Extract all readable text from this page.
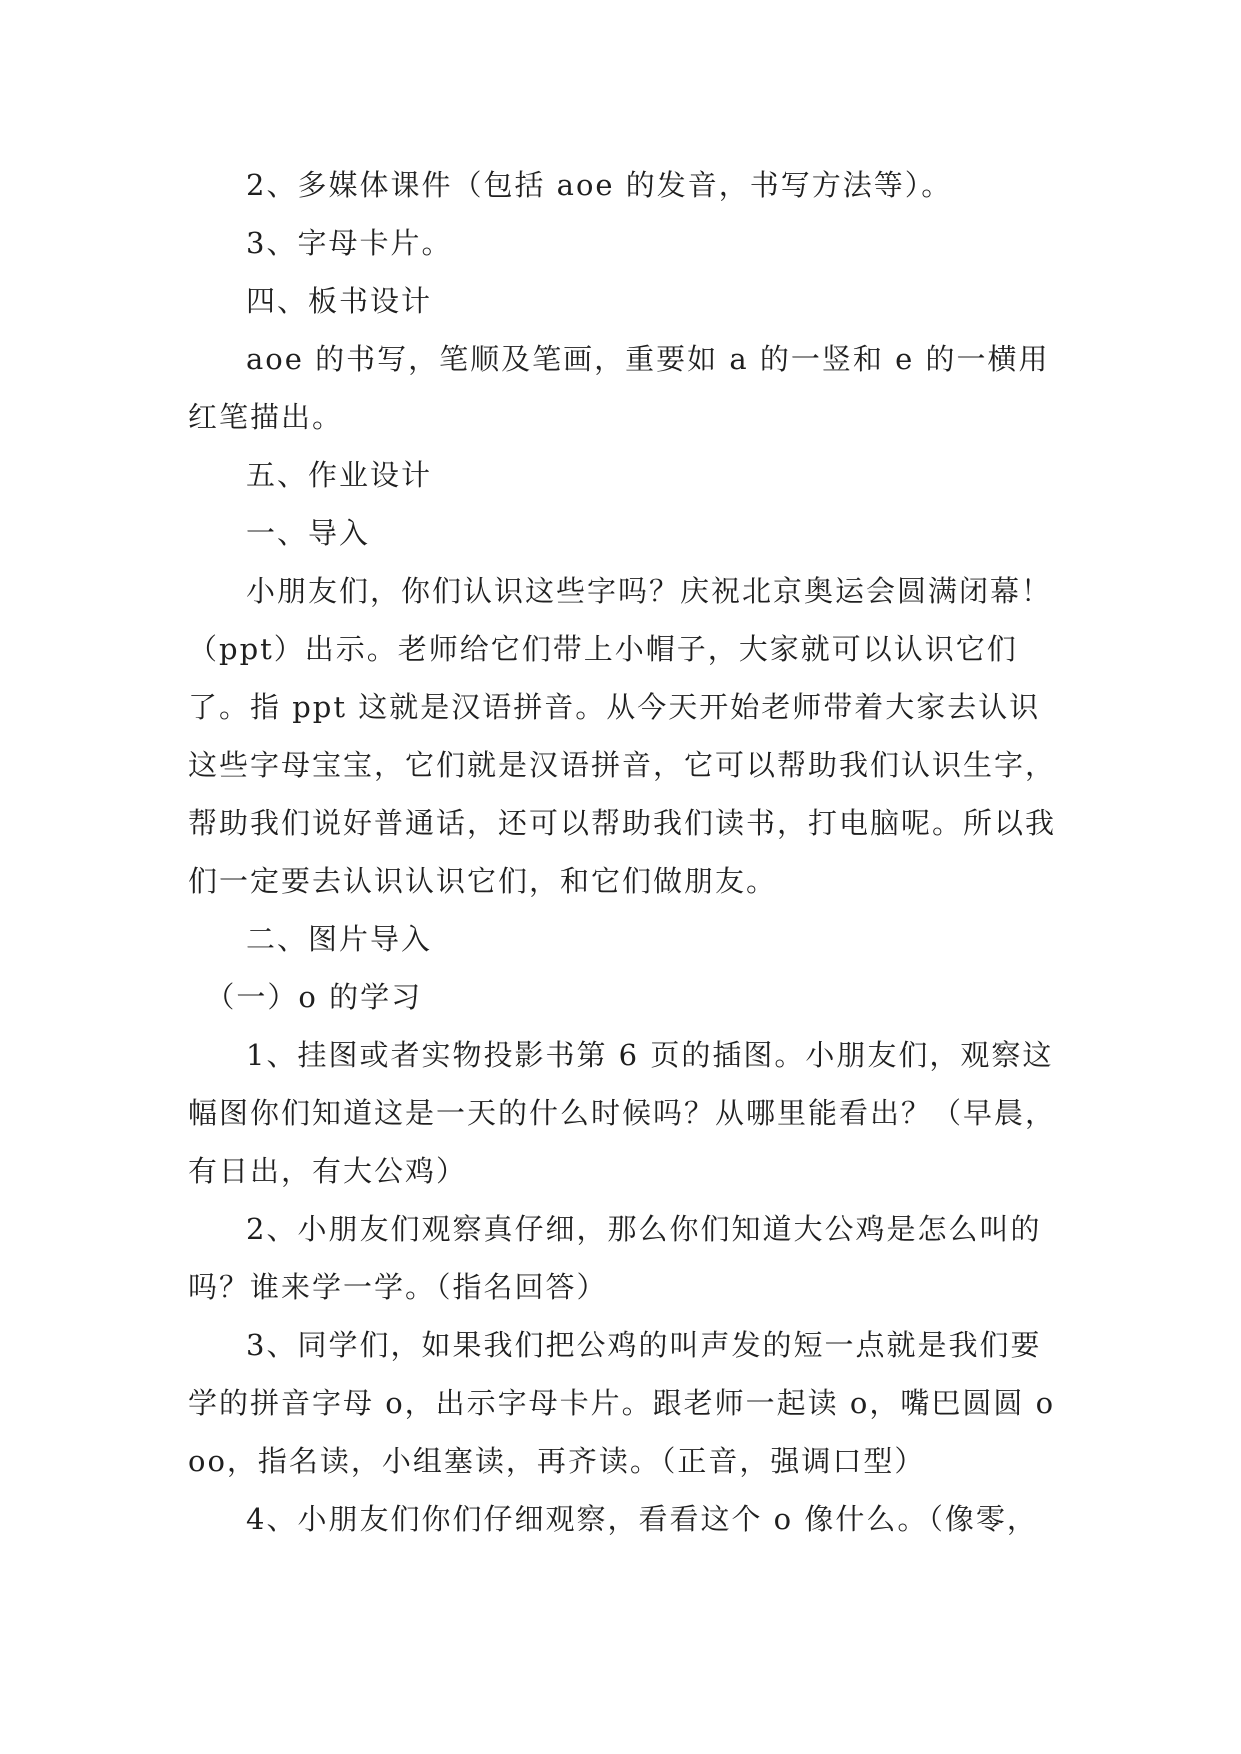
2、多媒体课件（包括 aoe 的发音，书写方法等）。

3、字母卡片。

四、板书设计

aoe 的书写，笔顺及笔画，重要如 a 的一竖和 e 的一横用红笔描出。

五、作业设计

一、导入

小朋友们，你们认识这些字吗？庆祝北京奥运会圆满闭幕！（ppt）出示。老师给它们带上小帽子，大家就可以认识它们了。指 ppt 这就是汉语拼音。从今天开始老师带着大家去认识这些字母宝宝，它们就是汉语拼音，它可以帮助我们认识生字，帮助我们说好普通话，还可以帮助我们读书，打电脑呢。所以我们一定要去认识认识它们，和它们做朋友。

二、图片导入

（一）o 的学习

1、挂图或者实物投影书第 6 页的插图。小朋友们，观察这幅图你们知道这是一天的什么时候吗？从哪里能看出？（早晨，有日出，有大公鸡）

2、小朋友们观察真仔细，那么你们知道大公鸡是怎么叫的吗？谁来学一学。（指名回答）

3、同学们，如果我们把公鸡的叫声发的短一点就是我们要学的拼音字母 o，出示字母卡片。跟老师一起读 o，嘴巴圆圆 ooo，指名读，小组塞读，再齐读。（正音，强调口型）

4、小朋友们你们仔细观察，看看这个 o 像什么。（像零，
